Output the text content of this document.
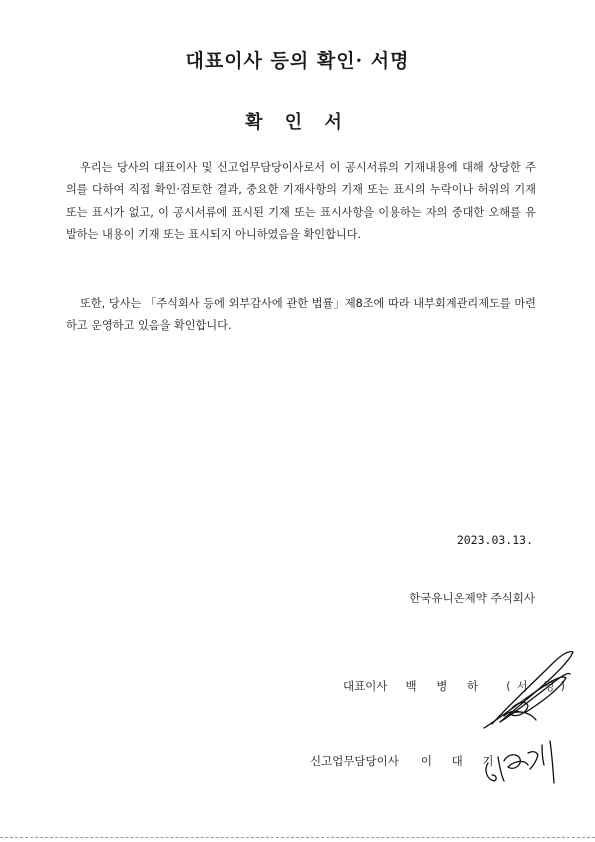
대표이사 등의 확인· 서명
확 인 서

우리는 당사의 대표이사 및 신고업무담당이사로서 이 공시서류의 기재내용에 대해 상당한 주의를 다하여 직접 확인·검토한 결과, 중요한 기재사항의 기재 또는 표시의 누락이나 허위의 기재 또는 표시가 없고, 이 공시서류에 표시된 기재 또는 표시사항을 이용하는 자의 중대한 오해를 유발하는 내용이 기재 또는 표시되지 아니하였음을 확인합니다.

또한, 당사는 「주식회사 등에 외부감사에 관한 법률」제8조에 따라 내부회계관리제도를 마련하고 운영하고 있음을 확인합니다.

2023.03.13.
한국유니온제약 주식회사
대표이사 백 병 하 (서 명)
신고업무담당이사 이 대 기
